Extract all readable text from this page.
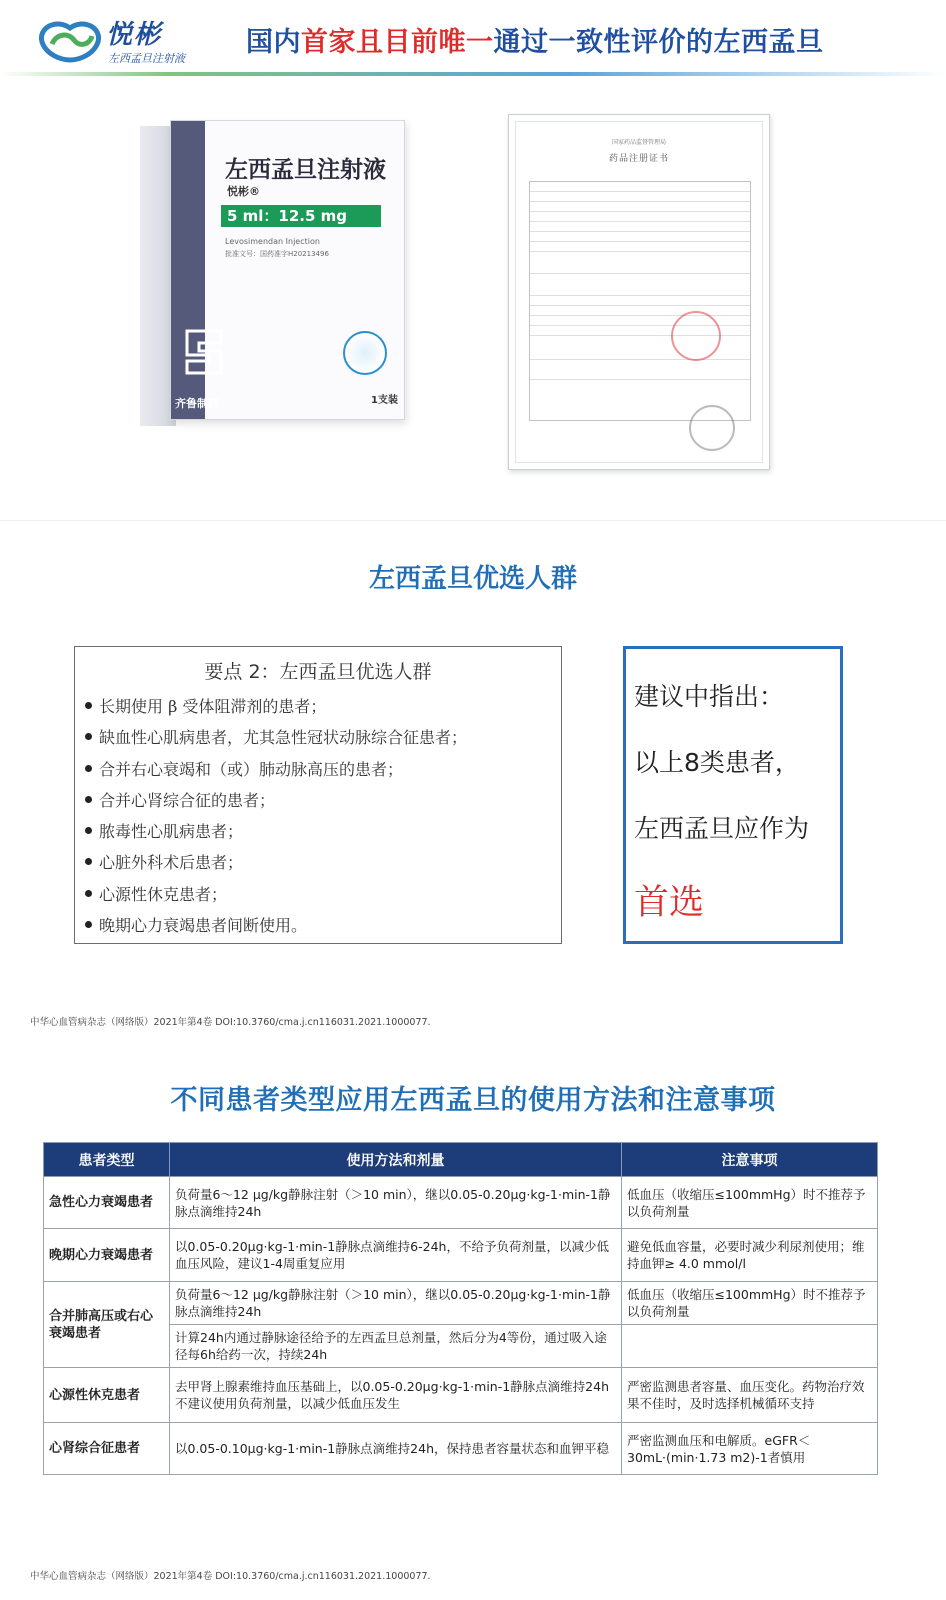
悦彬
左西孟旦注射液
国内首家且目前唯一通过一致性评价的左西孟旦
左西孟旦注射液
悦彬®
5 ml：12.5 mg
Levosimendan Injection
批准文号：国药准字H20213496
1支装
齐鲁制药
国家药品监督管理局
药品注册证书
左西孟旦优选人群
要点 2：左西孟旦优选人群
长期使用 β 受体阻滞剂的患者；
缺血性心肌病患者，尤其急性冠状动脉综合征患者；
合并右心衰竭和（或）肺动脉高压的患者；
合并心肾综合征的患者；
脓毒性心肌病患者；
心脏外科术后患者；
心源性休克患者；
晚期心力衰竭患者间断使用。
建议中指出：
以上8类患者，
左西孟旦应作为
首选
中华心血管病杂志（网络版）2021年第4卷 DOI:10.3760/cma.j.cn116031.2021.1000077.
不同患者类型应用左西孟旦的使用方法和注意事项
患者类型	使用方法和剂量	注意事项
急性心力衰竭患者	负荷量6～12 μg/kg静脉注射（＞10 min），继以0.05-0.20μg·kg-1·min-1静脉点滴维持24h	低血压（收缩压≤100mmHg）时不推荐予以负荷剂量
晚期心力衰竭患者	以0.05-0.20μg·kg-1·min-1静脉点滴维持6-24h，不给予负荷剂量，以减少低血压风险，建议1-4周重复应用	避免低血容量，必要时减少利尿剂使用；维持血钾≥ 4.0 mmol/l
合并肺高压或右心衰竭患者	负荷量6～12 μg/kg静脉注射（＞10 min），继以0.05-0.20μg·kg-1·min-1静脉点滴维持24h	低血压（收缩压≤100mmHg）时不推荐予以负荷剂量
	计算24h内通过静脉途径给予的左西孟旦总剂量，然后分为4等份，通过吸入途径每6h给药一次，持续24h	
心源性休克患者	去甲肾上腺素维持血压基础上，以0.05-0.20μg·kg-1·min-1静脉点滴维持24h 不建议使用负荷剂量，以减少低血压发生	严密监测患者容量、血压变化。药物治疗效果不佳时，及时选择机械循环支持
心肾综合征患者	以0.05-0.10μg·kg-1·min-1静脉点滴维持24h，保持患者容量状态和血钾平稳	严密监测血压和电解质。eGFR＜30mL·(min·1.73 m2)-1者慎用
中华心血管病杂志（网络版）2021年第4卷 DOI:10.3760/cma.j.cn116031.2021.1000077.
